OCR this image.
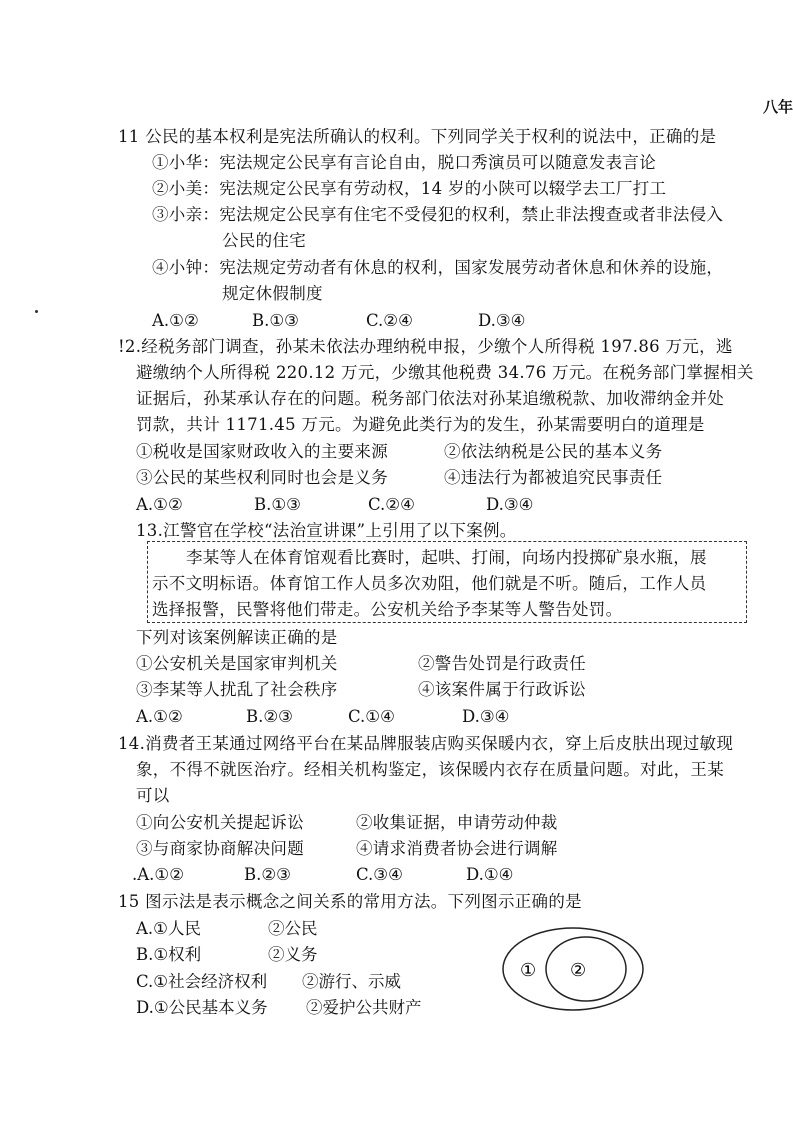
八年
11 公民的基本权利是宪法所确认的权利。下列同学关于权利的说法中，正确的是
①小华：宪法规定公民享有言论自由，脱口秀演员可以随意发表言论
②小美：宪法规定公民享有劳动权，14 岁的小陕可以辍学去工厂打工
③小亲：宪法规定公民享有住宅不受侵犯的权利，禁止非法搜查或者非法侵入
公民的住宅
④小钟：宪法规定劳动者有休息的权利，国家发展劳动者休息和休养的设施，
规定休假制度
A.①②	B.①③	C.②④	D.③④
!2.经税务部门调查，孙某未依法办理纳税申报，少缴个人所得税 197.86 万元，逃
避缴纳个人所得税 220.12 万元，少缴其他税费 34.76 万元。在税务部门掌握相关
证据后，孙某承认存在的问题。税务部门依法对孙某追缴税款、加收滞纳金并处
罚款，共计 1171.45 万元。为避免此类行为的发生，孙某需要明白的道理是
①税收是国家财政收入的主要来源	②依法纳税是公民的基本义务
③公民的某些权利同时也会是义务	④违法行为都被追究民事责任
A.①②	B.①③	C.②④	D.③④
13.江警官在学校“法治宣讲课”上引用了以下案例。
李某等人在体育馆观看比赛时，起哄、打闹，向场内投掷矿泉水瓶，展
示不文明标语。体育馆工作人员多次劝阻，他们就是不听。随后，工作人员
选择报警，民警将他们带走。公安机关给予李某等人警告处罚。
下列对该案例解读正确的是
①公安机关是国家审判机关	②警告处罚是行政责任
③李某等人扰乱了社会秩序	④该案件属于行政诉讼
A.①②	B.②③	C.①④	D.③④
14.消费者王某通过网络平台在某品牌服装店购买保暖内衣，穿上后皮肤出现过敏现
象，不得不就医治疗。经相关机构鉴定，该保暖内衣存在质量问题。对此，王某
可以
①向公安机关提起诉讼	②收集证据，申请劳动仲裁
③与商家协商解决问题	④请求消费者协会进行调解
.A.①②	B.②③	C.③④	D.①④
15 图示法是表示概念之间关系的常用方法。下列图示正确的是
A.①人民	②公民
B.①权利	②义务
C.①社会经济权利 ②游行、示威
D.①公民基本义务 ②爱护公共财产
① ②
